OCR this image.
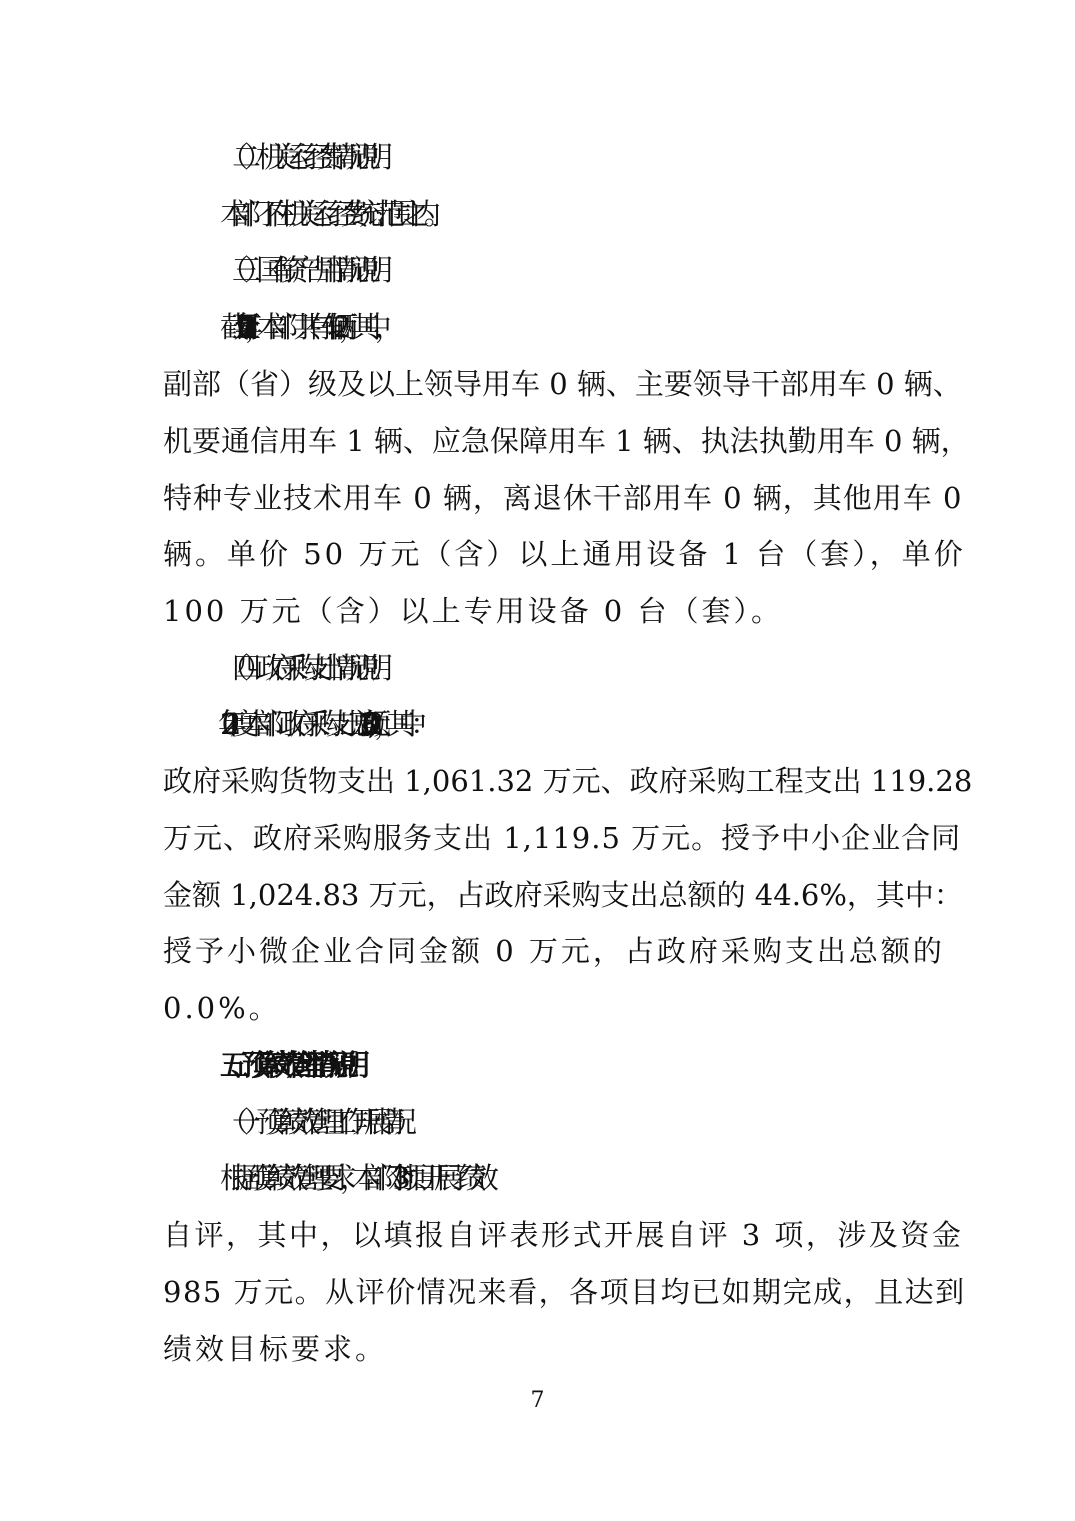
（二）机关运行经费情况说明
本部门不在机关运行经费统计范围之内。
（三）国有资产占用情况说明
截至 2021 年 12 月 31 日，本部门共有车辆 2 辆，其中，
副部（省）级及以上领导用车 0 辆、主要领导干部用车 0 辆、
机要通信用车 1 辆、应急保障用车 1 辆、执法执勤用车 0 辆，
特种专业技术用车 0 辆，离退休干部用车 0 辆，其他用车 0
辆。单价 50 万元（含）以上通用设备 1 台（套），单价
100 万元（含）以上专用设备 0 台（套）。
（四）政府采购支出情况说明
2021 年度本部门政府采购支出总额 2,300.1 万元，其中：
政府采购货物支出 1,061.32 万元、政府采购工程支出 119.28
万元、政府采购服务支出 1,119.5 万元。授予中小企业合同
金额 1,024.83 万元，占政府采购支出总额的 44.6%，其中：
授予小微企业合同金额 0 万元，占政府采购支出总额的
0.0%。
五、预算绩效管理情况说明
（一）预算绩效管理工作开展情况
根据预算绩效管理要求，本部门对 3 个项目开展了绩效
自评，其中，以填报自评表形式开展自评 3 项，涉及资金
985 万元。从评价情况来看，各项目均已如期完成，且达到
绩效目标要求。
7
